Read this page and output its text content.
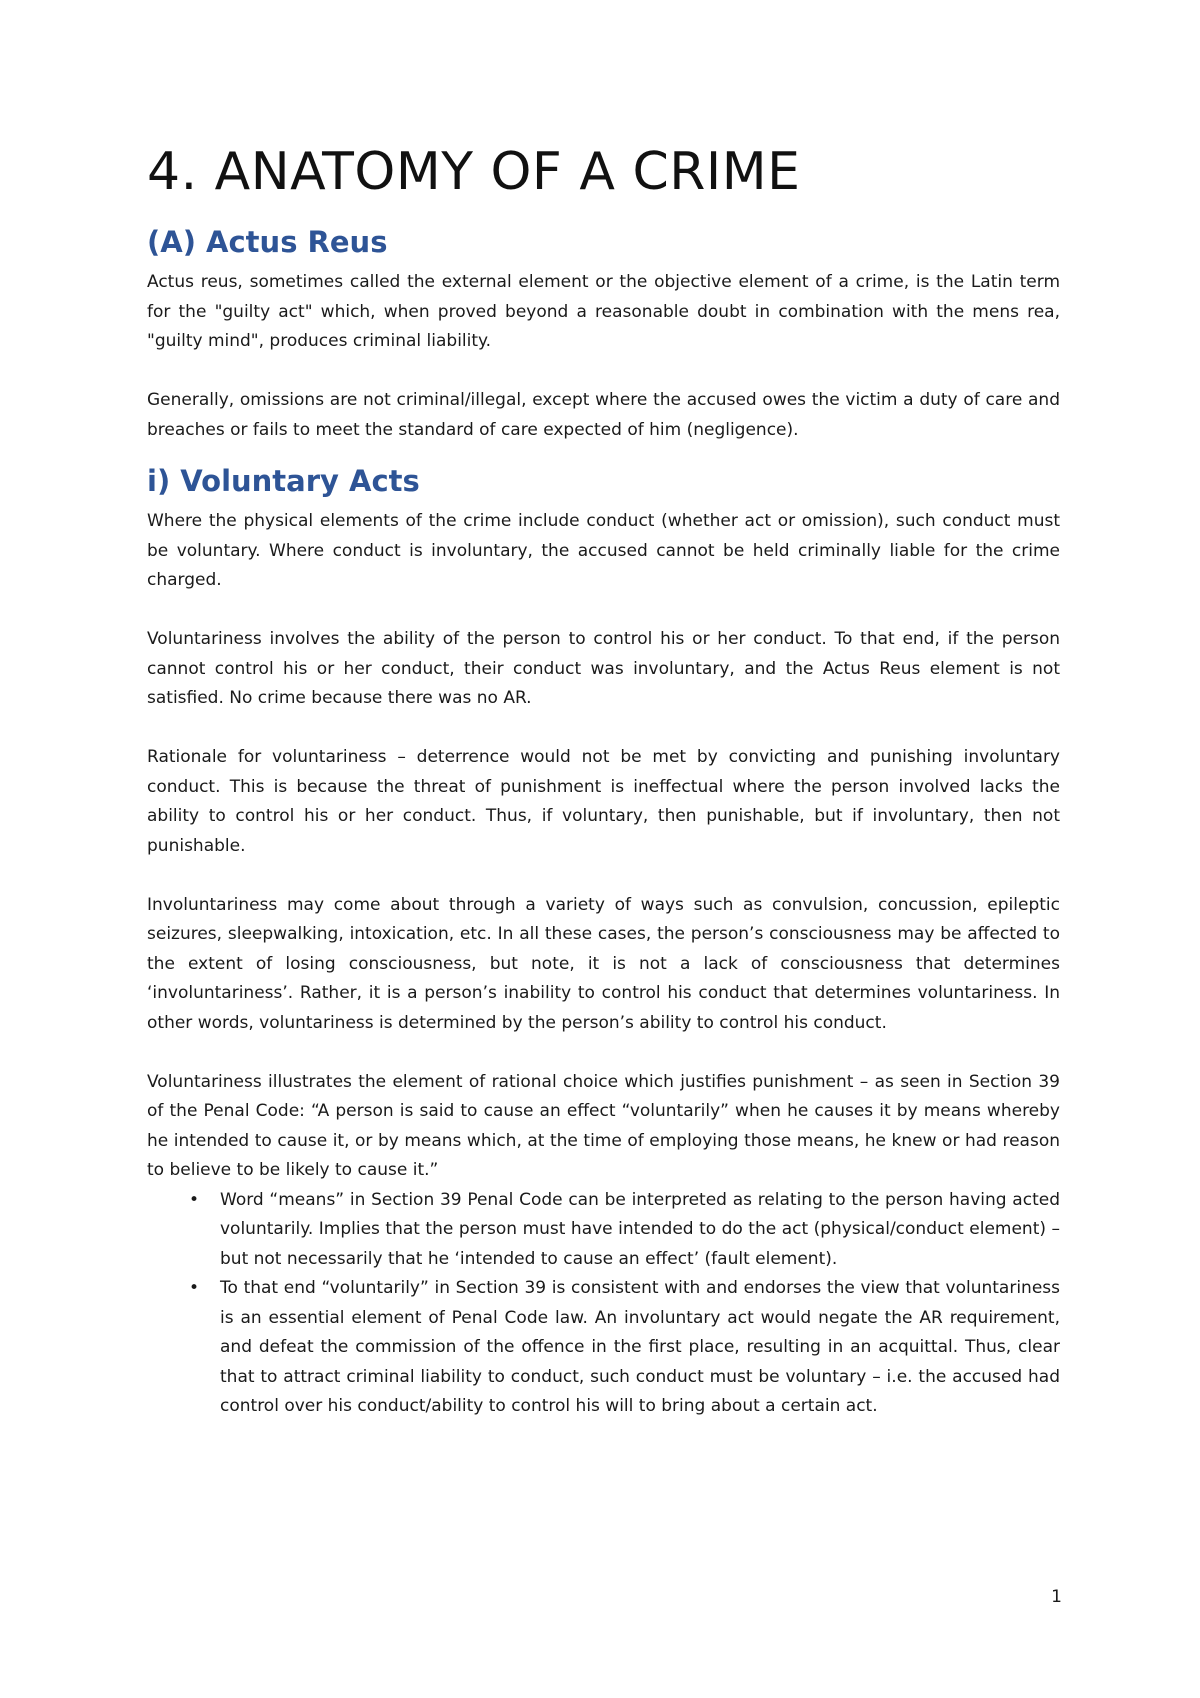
4. ANATOMY OF A CRIME
(A) Actus Reus

Actus reus, sometimes called the external element or the objective element of a crime, is the Latin term for the "guilty act" which, when proved beyond a reasonable doubt in combination with the mens rea, "guilty mind", produces criminal liability.

Generally, omissions are not criminal/illegal, except where the accused owes the victim a duty of care and breaches or fails to meet the standard of care expected of him (negligence).

i) Voluntary Acts

Where the physical elements of the crime include conduct (whether act or omission), such conduct must be voluntary. Where conduct is involuntary, the accused cannot be held criminally liable for the crime charged.

Voluntariness involves the ability of the person to control his or her conduct. To that end, if the person cannot control his or her conduct, their conduct was involuntary, and the Actus Reus element is not satisfied. No crime because there was no AR.

Rationale for voluntariness – deterrence would not be met by convicting and punishing involuntary conduct. This is because the threat of punishment is ineffectual where the person involved lacks the ability to control his or her conduct. Thus, if voluntary, then punishable, but if involuntary, then not punishable.

Involuntariness may come about through a variety of ways such as convulsion, concussion, epileptic seizures, sleepwalking, intoxication, etc. In all these cases, the person’s consciousness may be affected to the extent of losing consciousness, but note, it is not a lack of consciousness that determines ‘involuntariness’. Rather, it is a person’s inability to control his conduct that determines voluntariness. In other words, voluntariness is determined by the person’s ability to control his conduct.

Voluntariness illustrates the element of rational choice which justifies punishment – as seen in Section 39 of the Penal Code: “A person is said to cause an effect “voluntarily” when he causes it by means whereby he intended to cause it, or by means which, at the time of employing those means, he knew or had reason to believe to be likely to cause it.”

• Word “means” in Section 39 Penal Code can be interpreted as relating to the person having acted voluntarily. Implies that the person must have intended to do the act (physical/conduct element) – but not necessarily that he ‘intended to cause an effect’ (fault element).
• To that end “voluntarily” in Section 39 is consistent with and endorses the view that voluntariness is an essential element of Penal Code law. An involuntary act would negate the AR requirement, and defeat the commission of the offence in the first place, resulting in an acquittal. Thus, clear that to attract criminal liability to conduct, such conduct must be voluntary – i.e. the accused had control over his conduct/ability to control his will to bring about a certain act.
1
